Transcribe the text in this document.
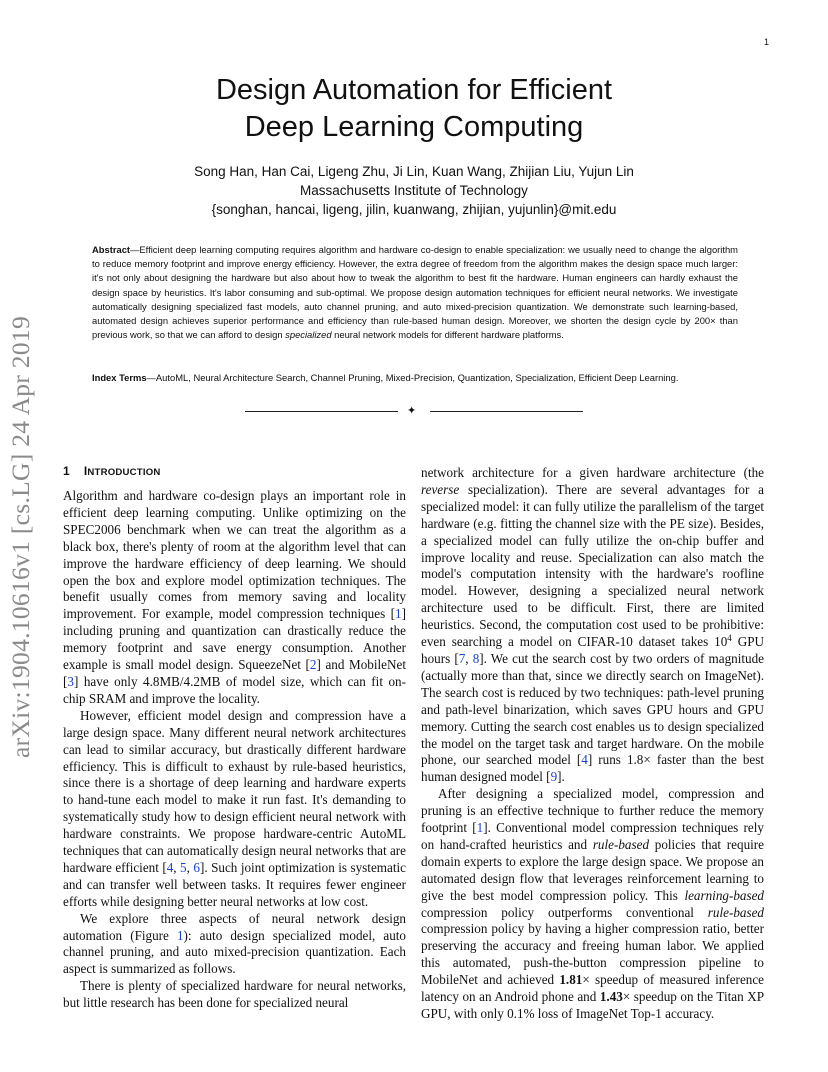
1
arXiv:1904.10616v1 [cs.LG] 24 Apr 2019
Design Automation for Efficient
Deep Learning Computing
Song Han, Han Cai, Ligeng Zhu, Ji Lin, Kuan Wang, Zhijian Liu, Yujun Lin
Massachusetts Institute of Technology
{songhan, hancai, ligeng, jilin, kuanwang, zhijian, yujunlin}@mit.edu

Abstract—Efficient deep learning computing requires algorithm and hardware co-design to enable specialization: we usually need to change the algorithm to reduce memory footprint and improve energy efficiency. However, the extra degree of freedom from the algorithm makes the design space much larger: it's not only about designing the hardware but also about how to tweak the algorithm to best fit the hardware. Human engineers can hardly exhaust the design space by heuristics. It's labor consuming and sub-optimal. We propose design automation techniques for efficient neural networks. We investigate automatically designing specialized fast models, auto channel pruning, and auto mixed-precision quantization. We demonstrate such learning-based, automated design achieves superior performance and efficiency than rule-based human design. Moreover, we shorten the design cycle by 200× than previous work, so that we can afford to design specialized neural network models for different hardware platforms.

Index Terms—AutoML, Neural Architecture Search, Channel Pruning, Mixed-Precision, Quantization, Specialization, Efficient Deep Learning.

✦
1 INTRODUCTION

Algorithm and hardware co-design plays an important role in efficient deep learning computing. Unlike optimizing on the SPEC2006 benchmark when we can treat the algorithm as a black box, there's plenty of room at the algorithm level that can improve the hardware efficiency of deep learning. We should open the box and explore model optimization techniques. The benefit usually comes from memory saving and locality improvement. For example, model compression techniques [1] including pruning and quantization can drastically reduce the memory footprint and save energy consumption. Another example is small model design. SqueezeNet [2] and MobileNet [3] have only 4.8MB/4.2MB of model size, which can fit on-chip SRAM and improve the locality.

However, efficient model design and compression have a large design space. Many different neural network architectures can lead to similar accuracy, but drastically different hardware efficiency. This is difficult to exhaust by rule-based heuristics, since there is a shortage of deep learning and hardware experts to hand-tune each model to make it run fast. It's demanding to systematically study how to design efficient neural network with hardware constraints. We propose hardware-centric AutoML techniques that can automatically design neural networks that are hardware efficient [4, 5, 6]. Such joint optimization is systematic and can transfer well between tasks. It requires fewer engineer efforts while designing better neural networks at low cost.

We explore three aspects of neural network design automation (Figure 1): auto design specialized model, auto channel pruning, and auto mixed-precision quantization. Each aspect is summarized as follows.

There is plenty of specialized hardware for neural networks, but little research has been done for specialized neural

network architecture for a given hardware architecture (the reverse specialization). There are several advantages for a specialized model: it can fully utilize the parallelism of the target hardware (e.g. fitting the channel size with the PE size). Besides, a specialized model can fully utilize the on-chip buffer and improve locality and reuse. Specialization can also match the model's computation intensity with the hardware's roofline model. However, designing a specialized neural network architecture used to be difficult. First, there are limited heuristics. Second, the computation cost used to be prohibitive: even searching a model on CIFAR-10 dataset takes $10^4$ GPU hours [7, 8]. We cut the search cost by two orders of magnitude (actually more than that, since we directly search on ImageNet). The search cost is reduced by two techniques: path-level pruning and path-level binarization, which saves GPU hours and GPU memory. Cutting the search cost enables us to design specialized the model on the target task and target hardware. On the mobile phone, our searched model [4] runs 1.8× faster than the best human designed model [9].

After designing a specialized model, compression and pruning is an effective technique to further reduce the memory footprint [1]. Conventional model compression techniques rely on hand-crafted heuristics and rule-based policies that require domain experts to explore the large design space. We propose an automated design flow that leverages reinforcement learning to give the best model compression policy. This learning-based compression policy outperforms conventional rule-based compression policy by having a higher compression ratio, better preserving the accuracy and freeing human labor. We applied this automated, push-the-button compression pipeline to MobileNet and achieved 1.81× speedup of measured inference latency on an Android phone and 1.43× speedup on the Titan XP GPU, with only 0.1% loss of ImageNet Top-1 accuracy.
